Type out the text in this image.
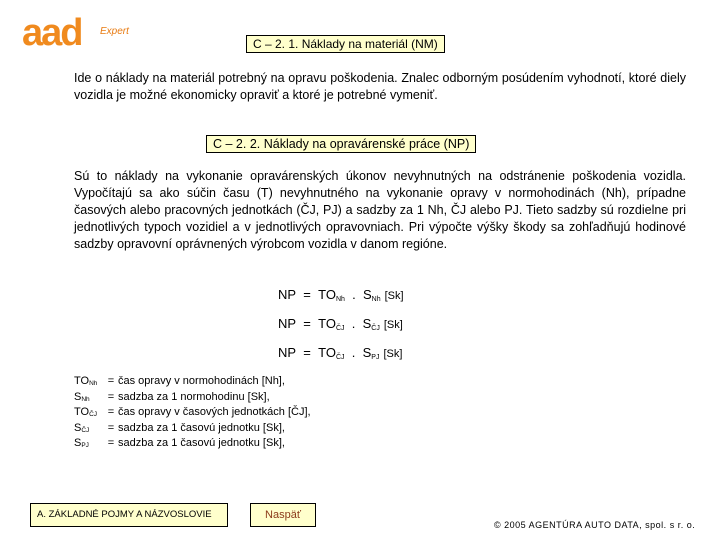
aad Expert
C – 2. 1. Náklady na materiál (NM)

Ide o náklady na materiál potrebný na opravu poškodenia. Znalec odborným posúdením vyhodnotí, ktoré diely vozidla je možné ekonomicky opraviť a ktoré je potrebné vymeniť.

C – 2. 2. Náklady na opravárenské práce (NP)

Sú to náklady na vykonanie opravárenských úkonov nevyhnutných na odstránenie poškodenia vozidla. Vypočítajú sa ako súčin času (T) nevyhnutného na vykonanie opravy v normohodinách (Nh), prípadne časových alebo pracovných jednotkách (ČJ, PJ) a sadzby za 1 Nh, ČJ alebo PJ. Tieto sadzby sú rozdielne pri jednotlivých typoch vozidiel a v jednotlivých opravovniach. Pri výpočte výšky škody sa zohľadňujú hodinové sadzby opravovní oprávnených výrobcom vozidla v danom regióne.

NP = $TO_{Nh}$ . $S_{Nh}$ [Sk]
NP = $TO_{ČJ}$ . $S_{ČJ}$ [Sk]
NP = $TO_{ČJ}$ . $S_{PJ}$ [Sk]
$TO_{Nh}$ = čas opravy v normohodinách [Nh],
$S_{Nh}$	= sadzba za 1 normohodinu [Sk],
$TO_{ČJ}$ = čas opravy v časových jednotkách [ČJ],
$S_{ČJ}$	= sadzba za 1 časovú jednotku [Sk],
$S_{PJ}$	= sadzba za 1 časovú jednotku [Sk],
A. ZÁKLADNÉ POJMY A NÁZVOSLOVIE	Naspäť
© 2005 AGENTÚRA AUTO DATA, spol. s r. o.
